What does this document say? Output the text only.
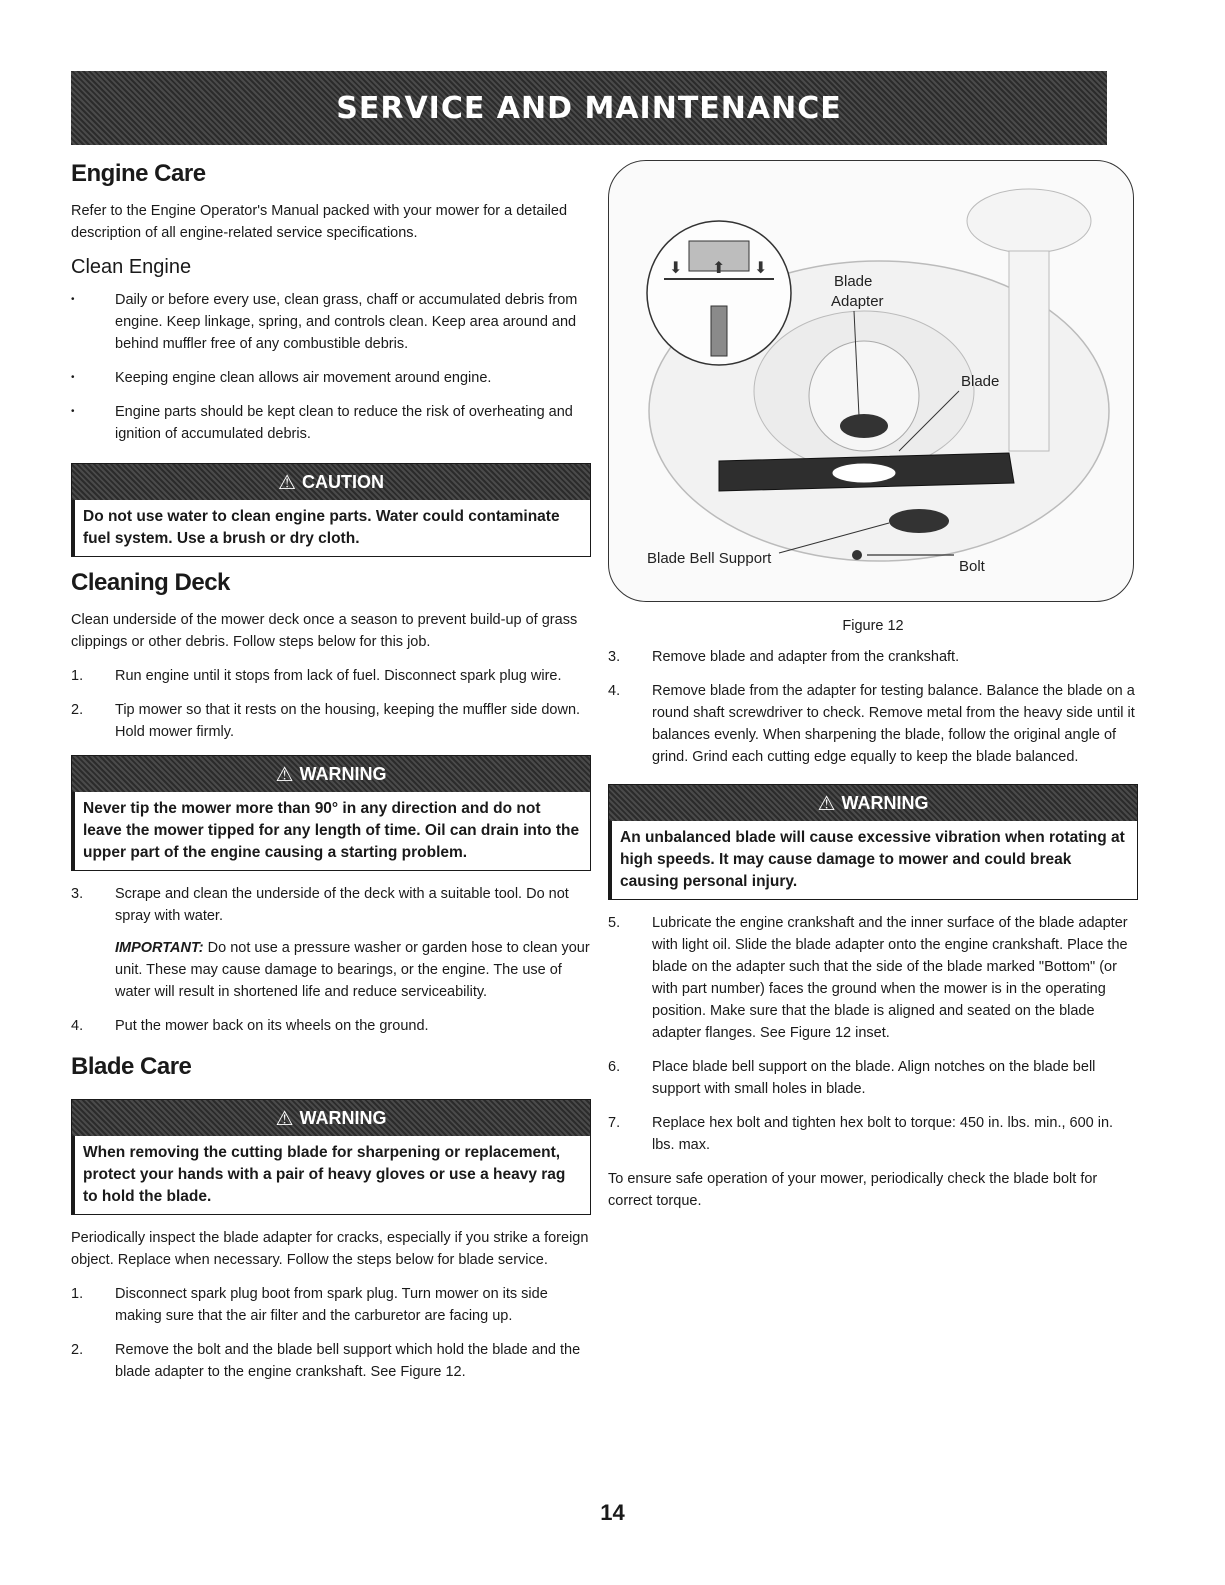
SERVICE AND MAINTENANCE
Engine Care

Refer to the Engine Operator's Manual packed with your mower for a detailed description of all engine-related service specifications.

Clean Engine
•	Daily or before every use, clean grass, chaff or accumulated debris from engine. Keep linkage, spring, and controls clean. Keep area around and behind muffler free of any combustible debris.
•	Keeping engine clean allows air movement around engine.
•	Engine parts should be kept clean to reduce the risk of overheating and ignition of accumulated debris.
⚠ CAUTION
Do not use water to clean engine parts. Water could contaminate fuel system. Use a brush or dry cloth.
Cleaning Deck

Clean underside of the mower deck once a season to prevent build-up of grass clippings or other debris. Follow steps below for this job.

1.	Run engine until it stops from lack of fuel. Disconnect spark plug wire.
2.	Tip mower so that it rests on the housing, keeping the muffler side down. Hold mower firmly.
⚠ WARNING
Never tip the mower more than 90° in any direction and do not leave the mower tipped for any length of time. Oil can drain into the upper part of the engine causing a starting problem.
3.	Scrape and clean the underside of the deck with a suitable tool. Do not spray with water.

IMPORTANT: Do not use a pressure washer or garden hose to clean your unit. These may cause damage to bearings, or the engine. The use of water will result in shortened life and reduce serviceability.
4.	Put the mower back on its wheels on the ground.
Blade Care
⚠ WARNING
When removing the cutting blade for sharpening or replacement, protect your hands with a pair of heavy gloves or use a heavy rag to hold the blade.

Periodically inspect the blade adapter for cracks, especially if you strike a foreign object. Replace when necessary. Follow the steps below for blade service.

1.	Disconnect spark plug boot from spark plug. Turn mower on its side making sure that the air filter and the carburetor are facing up.
2.	Remove the bolt and the blade bell support which hold the blade and the blade adapter to the engine crankshaft. See Figure 12.
⬇ ⬆ ⬇
Blade
Adapter
Blade
Blade Bell Support	Bolt
Figure 12
3.	Remove blade and adapter from the crankshaft.
4.	Remove blade from the adapter for testing balance. Balance the blade on a round shaft screwdriver to check. Remove metal from the heavy side until it balances evenly. When sharpening the blade, follow the original angle of grind. Grind each cutting edge equally to keep the blade balanced.
⚠ WARNING
An unbalanced blade will cause excessive vibration when rotating at high speeds. It may cause damage to mower and could break causing personal injury.
5.	Lubricate the engine crankshaft and the inner surface of the blade adapter with light oil. Slide the blade adapter onto the engine crankshaft. Place the blade on the adapter such that the side of the blade marked "Bottom" (or with part number) faces the ground when the mower is in the operating position. Make sure that the blade is aligned and seated on the blade adapter flanges. See Figure 12 inset.
6.	Place blade bell support on the blade. Align notches on the blade bell support with small holes in blade.
7.	Replace hex bolt and tighten hex bolt to torque: 450 in. lbs. min., 600 in. lbs. max.

To ensure safe operation of your mower, periodically check the blade bolt for correct torque.

14
